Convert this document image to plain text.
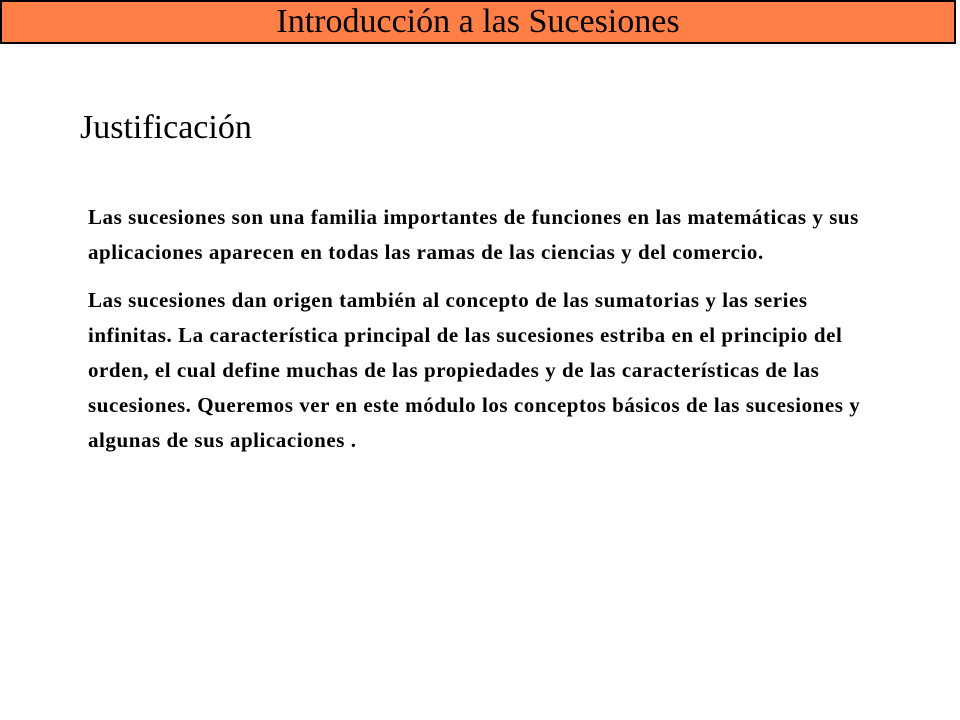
Introducción a las Sucesiones
Justificación

Las sucesiones son una familia importantes de funciones en las matemáticas y sus aplicaciones aparecen en todas las ramas de las ciencias y del comercio.

Las sucesiones dan origen también al concepto de las sumatorias y las series infinitas. La característica principal de las sucesiones estriba en el principio del orden, el cual define muchas de las propiedades y de las características de las sucesiones. Queremos ver en este módulo los conceptos básicos de las sucesiones y algunas de sus aplicaciones .
